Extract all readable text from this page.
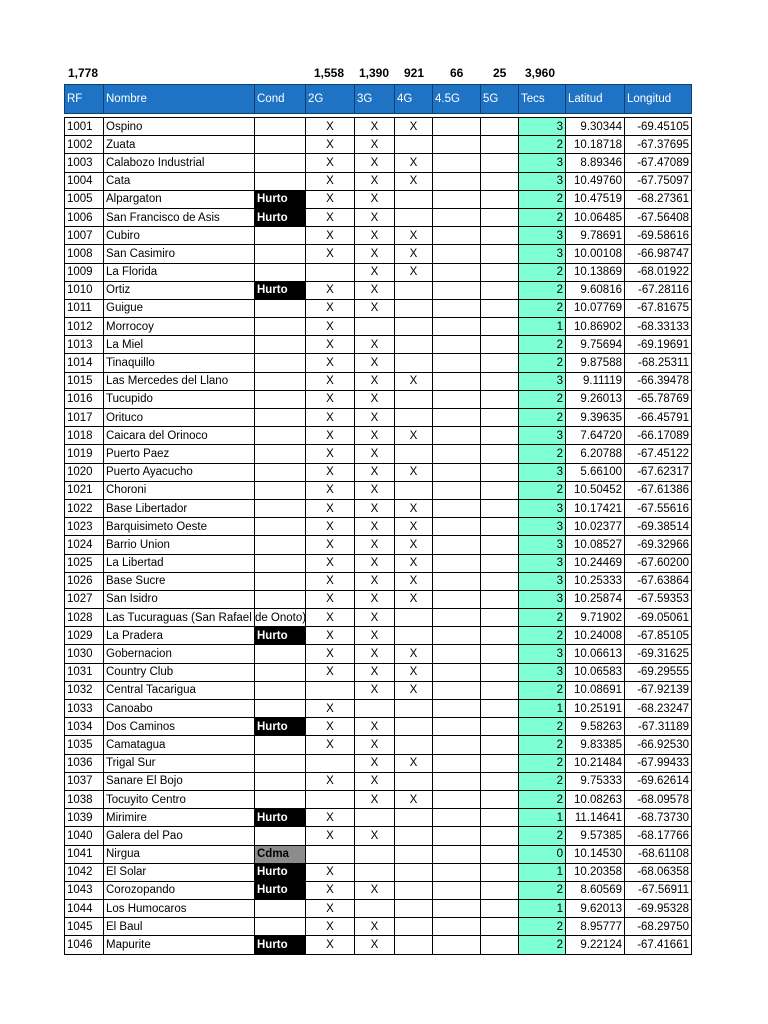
1,778	1,558 1,390 921 66 25 3,960
RF	Nombre	Cond	2G	3G	4G	4.5G	5G	Tecs	Latitud	Longitud

1001	Ospino		X	X	X			3	9.30344	-69.45105
1002	Zuata		X	X				2	10.18718	-67.37695
1003	Calabozo Industrial		X	X	X			3	8.89346	-67.47089
1004	Cata		X	X	X			3	10.49760	-67.75097
1005	Alpargaton	Hurto	X	X				2	10.47519	-68.27361
1006	San Francisco de Asis	Hurto	X	X				2	10.06485	-67.56408
1007	Cubiro		X	X	X			3	9.78691	-69.58616
1008	San Casimiro		X	X	X			3	10.00108	-66.98747
1009	La Florida			X	X			2	10.13869	-68.01922
1010	Ortiz	Hurto	X	X				2	9.60816	-67.28116
1011	Guigue		X	X				2	10.07769	-67.81675
1012	Morrocoy		X					1	10.86902	-68.33133
1013	La Miel		X	X				2	9.75694	-69.19691
1014	Tinaquillo		X	X				2	9.87588	-68.25311
1015	Las Mercedes del Llano		X	X	X			3	9.11119	-66.39478
1016	Tucupido		X	X				2	9.26013	-65.78769
1017	Orituco		X	X				2	9.39635	-66.45791
1018	Caicara del Orinoco		X	X	X			3	7.64720	-66.17089
1019	Puerto Paez		X	X				2	6.20788	-67.45122
1020	Puerto Ayacucho		X	X	X			3	5.66100	-67.62317
1021	Choroni		X	X				2	10.50452	-67.61386
1022	Base Libertador		X	X	X			3	10.17421	-67.55616
1023	Barquisimeto Oeste		X	X	X			3	10.02377	-69.38514
1024	Barrio Union		X	X	X			3	10.08527	-69.32966
1025	La Libertad		X	X	X			3	10.24469	-67.60200
1026	Base Sucre		X	X	X			3	10.25333	-67.63864
1027	San Isidro		X	X	X			3	10.25874	-67.59353
1028	Las Tucuraguas (San Rafael de Onoto)		X	X				2	9.71902	-69.05061
1029	La Pradera	Hurto	X	X				2	10.24008	-67.85105
1030	Gobernacion		X	X	X			3	10.06613	-69.31625
1031	Country Club		X	X	X			3	10.06583	-69.29555
1032	Central Tacarigua			X	X			2	10.08691	-67.92139
1033	Canoabo		X					1	10.25191	-68.23247
1034	Dos Caminos	Hurto	X	X				2	9.58263	-67.31189
1035	Camatagua		X	X				2	9.83385	-66.92530
1036	Trigal Sur			X	X			2	10.21484	-67.99433
1037	Sanare El Bojo		X	X				2	9.75333	-69.62614
1038	Tocuyito Centro			X	X			2	10.08263	-68.09578
1039	Mirimire	Hurto	X					1	11.14641	-68.73730
1040	Galera del Pao		X	X				2	9.57385	-68.17766
1041	Nirgua	Cdma						0	10.14530	-68.61108
1042	El Solar	Hurto	X					1	10.20358	-68.06358
1043	Corozopando	Hurto	X	X				2	8.60569	-67.56911
1044	Los Humocaros		X					1	9.62013	-69.95328
1045	El Baul		X	X				2	8.95777	-68.29750
1046	Mapurite	Hurto	X	X				2	9.22124	-67.41661
